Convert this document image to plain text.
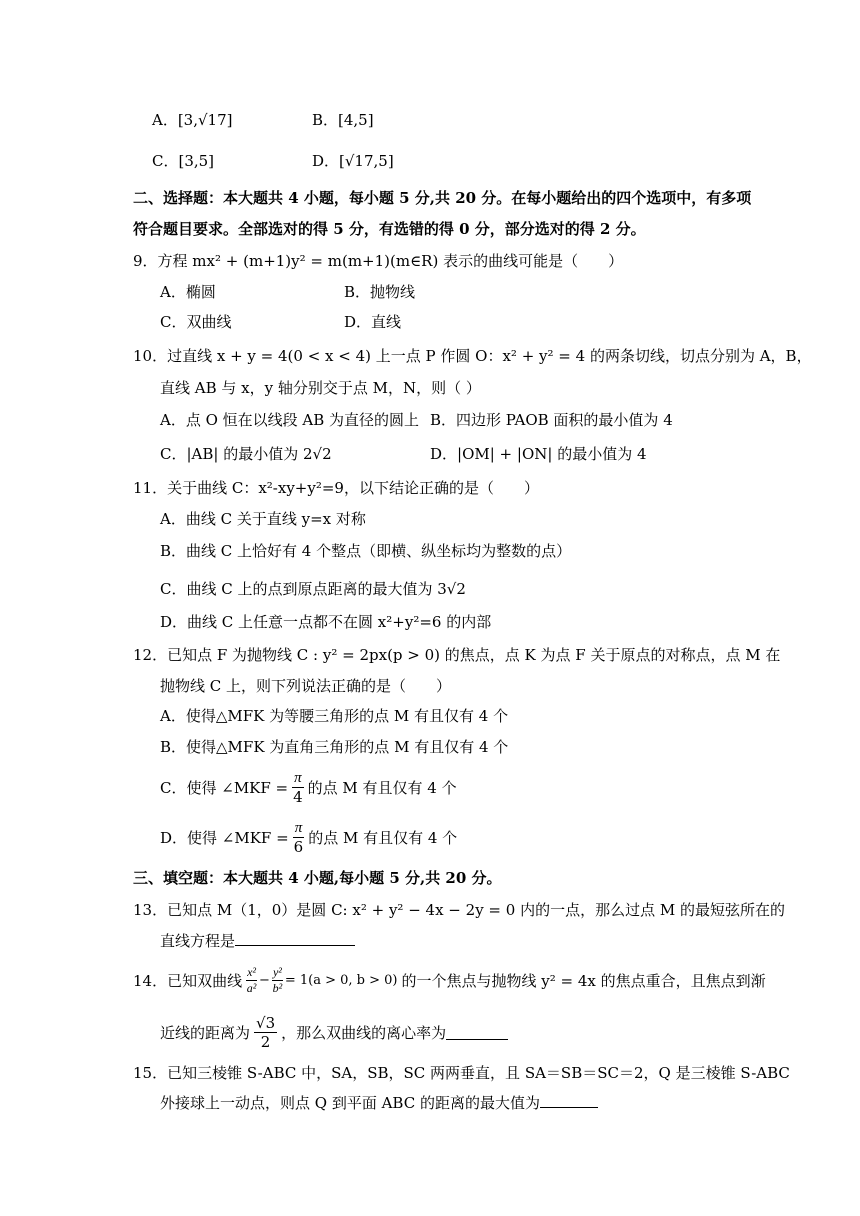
A．[3,√17]	B．[4,5]
C．[3,5]	D．[√17,5]
二、选择题：本大题共 4 小题，每小题 5 分,共 20 分。在每小题给出的四个选项中，有多项
符合题目要求。全部选对的得 5 分，有选错的得 0 分，部分选对的得 2 分。
9．方程 mx² + (m+1)y² = m(m+1)(m∈R) 表示的曲线可能是（　　）
A．椭圆	B．抛物线
C．双曲线	D．直线
10．过直线 x + y = 4(0 < x < 4) 上一点 P 作圆 O：x² + y² = 4 的两条切线，切点分别为 A，B，
直线 AB 与 x，y 轴分别交于点 M，N，则（ ）
A．点 O 恒在以线段 AB 为直径的圆上 B．四边形 PAOB 面积的最小值为 4
C．|AB| 的最小值为 2√2	D．|OM| + |ON| 的最小值为 4
11．关于曲线 C：x²-xy+y²=9，以下结论正确的是（　　）
A．曲线 C 关于直线 y=x 对称
B．曲线 C 上恰好有 4 个整点（即横、纵坐标均为整数的点）
C．曲线 C 上的点到原点距离的最大值为 3√2
D．曲线 C 上任意一点都不在圆 x²+y²=6 的内部
12．已知点 F 为抛物线 C : y² = 2px(p > 0) 的焦点，点 K 为点 F 关于原点的对称点，点 M 在
抛物线 C 上，则下列说法正确的是（　　）
A．使得△MFK 为等腰三角形的点 M 有且仅有 4 个
B．使得△MFK 为直角三角形的点 M 有且仅有 4 个
C．使得 ∠MKF = $\frac{\pi}{4}$ 的点 M 有且仅有 4 个
D．使得 ∠MKF = $\frac{\pi}{6}$ 的点 M 有且仅有 4 个
三、填空题：本大题共 4 小题,每小题 5 分,共 20 分。
13．已知点 M（1，0）是圆 C: x² + y² − 4x − 2y = 0 内的一点，那么过点 M 的最短弦所在的
直线方程是
14．已知双曲线 $\frac{\text{x²}}{\text{a²}} - \frac{\text{y²}}{\text{b²}} = 1(a > 0$, b > 0) 的一个焦点与抛物线 y² = 4x 的焦点重合，且焦点到渐
近线的距离为 $\frac{√3}{2}$ ，那么双曲线的离心率为
15．已知三棱锥 S-ABC 中，SA，SB，SC 两两垂直，且 SA＝SB＝SC＝2，Q 是三棱锥 S-ABC
外接球上一动点，则点 Q 到平面 ABC 的距离的最大值为
